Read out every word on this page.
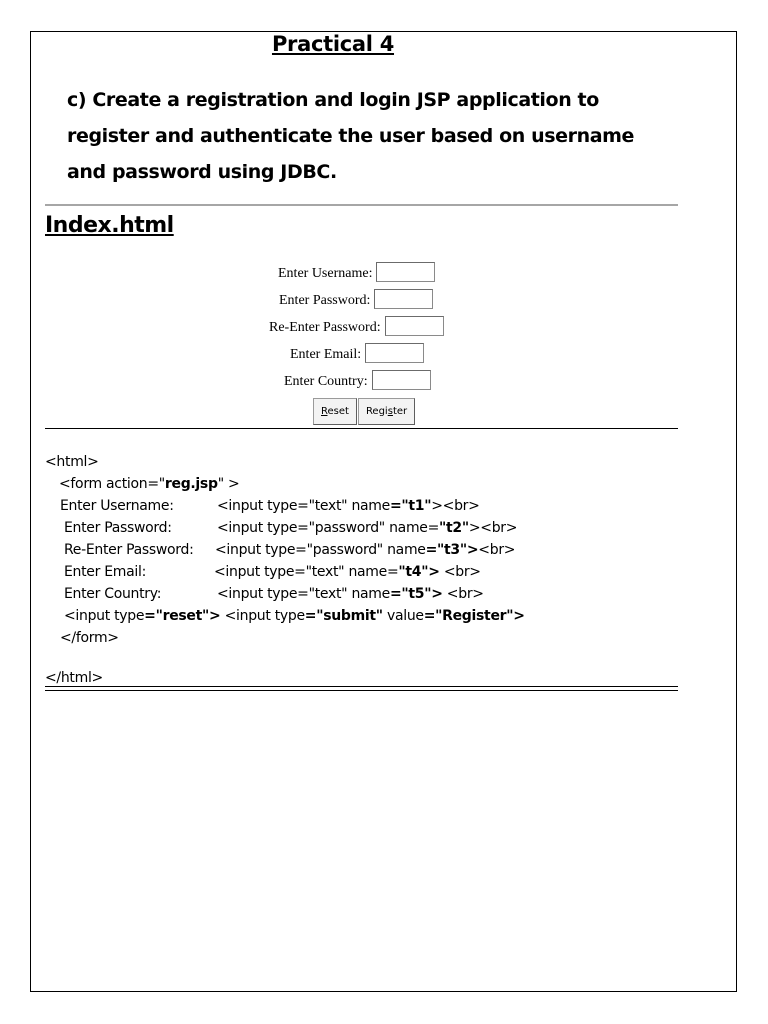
Practical 4
c) Create a registration and login JSP application to
register and authenticate the user based on username
and password using JDBC.
Index.html
Enter Username:
Enter Password:
Re-Enter Password:
Enter Email:
Enter Country:
Reset	Register
<html>
<form action="reg.jsp" >
Enter Username:	<input type="text" name="t1"><br>
Enter Password:	<input type="password" name="t2"><br>
Re-Enter Password: <input type="password" name="t3"><br>
Enter Email:	<input type="text" name="t4"> <br>
Enter Country:	<input type="text" name="t5"> <br>
<input type="reset"> <input type="submit" value="Register">
</form>
</html>
